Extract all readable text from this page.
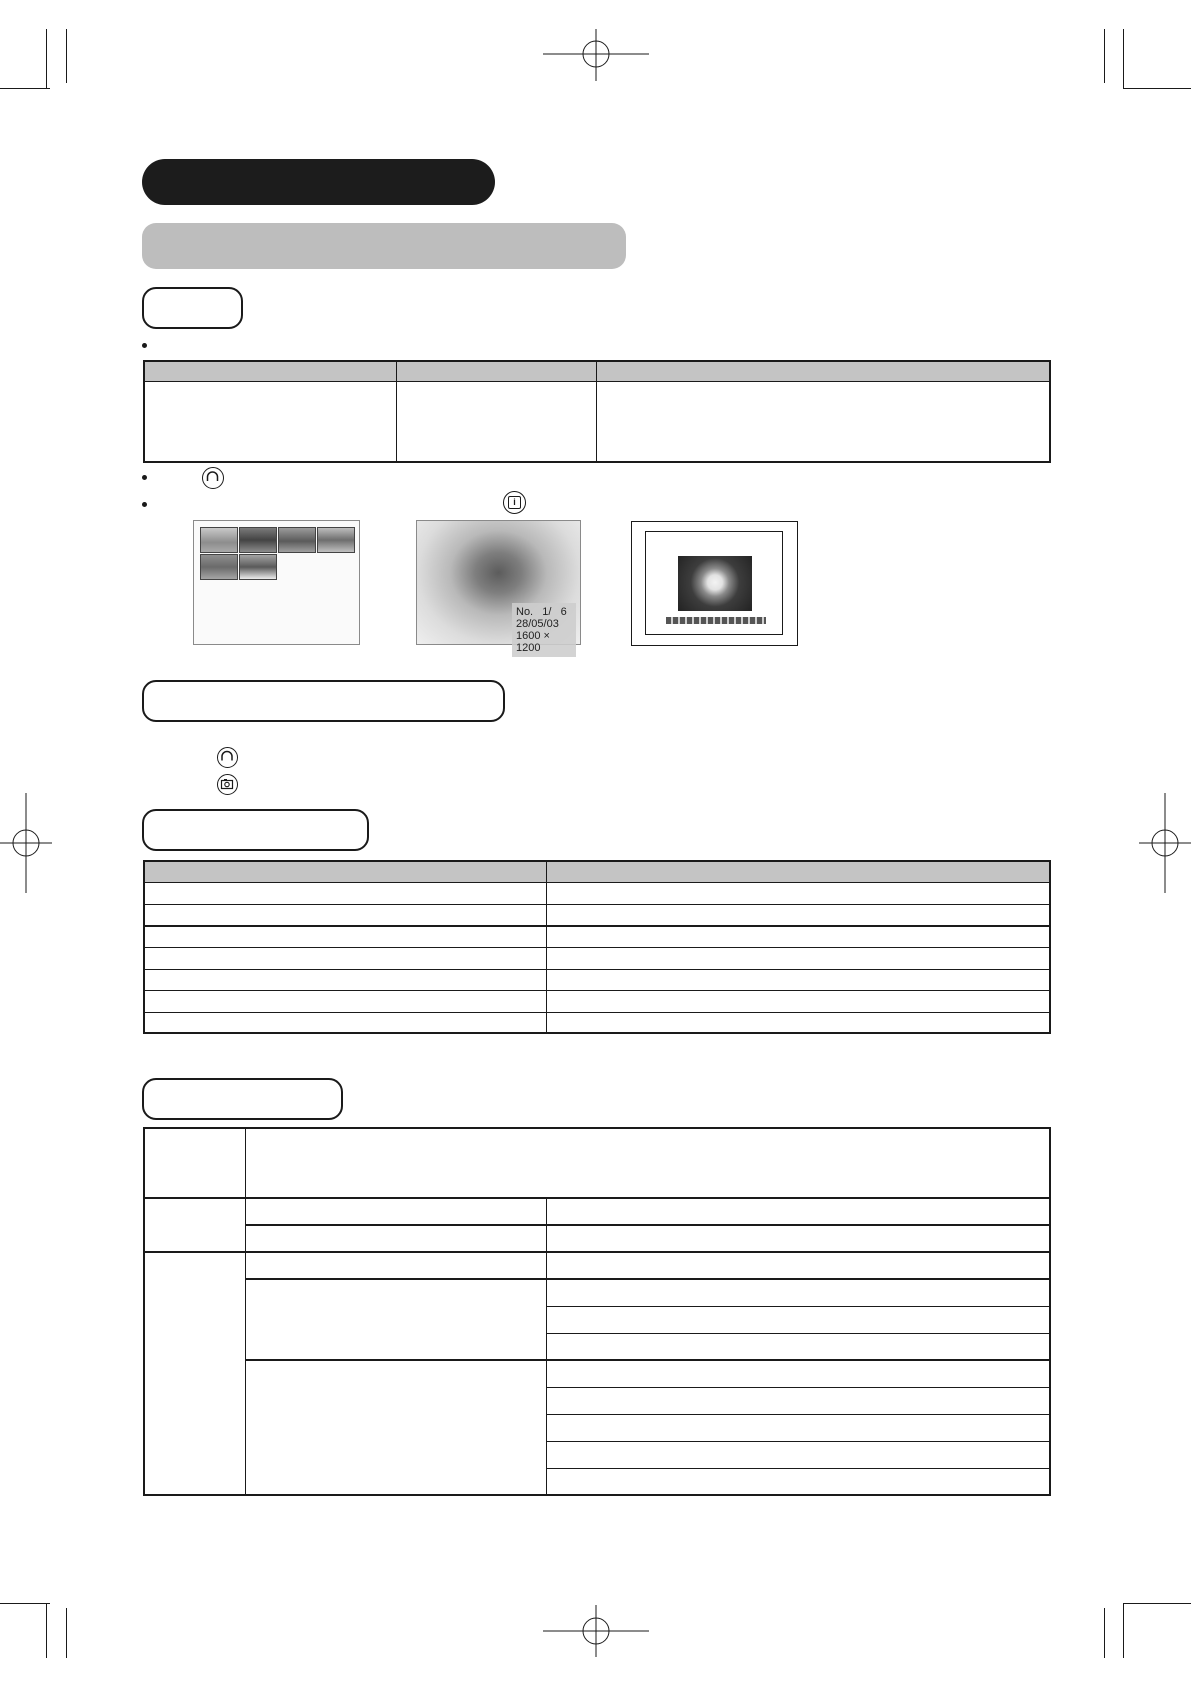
i
No. 1/ 6
28/05/03
1600 × 1200
